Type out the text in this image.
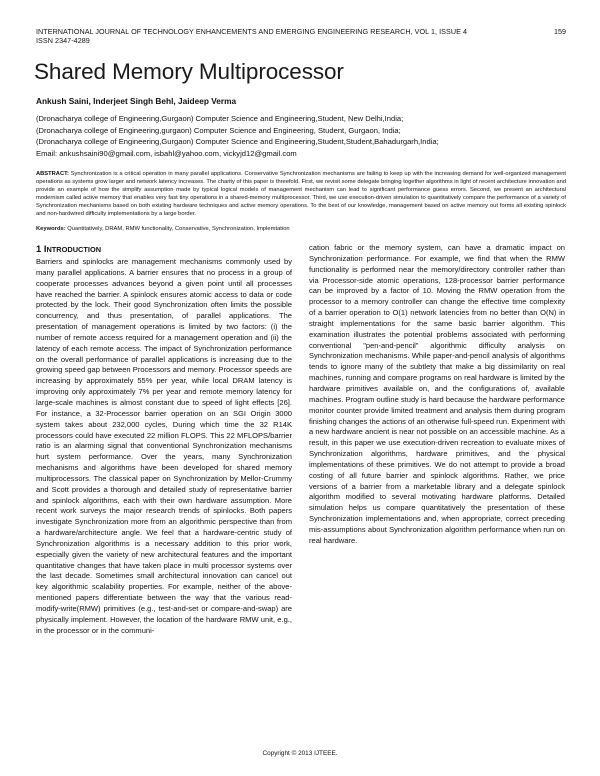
INTERNATIONAL JOURNAL OF TECHNOLOGY ENHANCEMENTS AND EMERGING ENGINEERING RESEARCH, VOL 1, ISSUE 4
ISSN 2347-4289
159
Shared Memory Multiprocessor
Ankush Saini, Inderjeet Singh Behl, Jaideep Verma
(Dronacharya college of Engineering,Gurgaon) Computer Science and Engineering,Student, New Delhi,India;
(Dronacharya college of Engineering,gurgaon) Computer Science and Engineering, Student, Gurgaon, India;
(Dronacharya college of Engineering,Gurgaon) Computer Science and Engineering,Student,Student,Bahadurgarh,India;
Email: ankushsaini90@gmail.com, isbahl@yahoo.com, vickyjd12@gmail.com
ABSTRACT: Synchronization is a critical operation in many parallel applications. Conservative Synchronization mechanisms are failing to keep up with the increasing demand for well-organized management operations as systems grow larger and network latency increases. The charity of this paper is threefold. First, we revisit some delegate bringing together algorithms in light of recent architecture innovation and provide an example of how the simplify assumption made by typical logical models of management mechanism can lead to significant performance guess errors. Second, we present an architectural modernism called active memory that enables very fast tiny operations in a shared-memory multiprocessor. Third, we use execution-driven simulation to quantitatively compare the performance of a variety of Synchronization mechanisms based on both existing hardware techniques and active memory operations. To the best of our knowledge, management based on active memory out forms all existing spinlock and non-hardwired difficulty implementations by a large border.
Keywords: Quantitatively, DRAM, RMW functionality, Conservative, Synchronization, Implemtation
1 INTRODUCTION
Barriers and spinlocks are management mechanisms commonly used by many parallel applications. A barrier ensures that no process in a group of cooperate processes advances beyond a given point until all processes have reached the barrier. A spinlock ensures atomic access to data or code protected by the lock. Their good Synchronization often limits the possible concurrency, and thus presentation, of parallel applications. The presentation of management operations is limited by two factors: (i) the number of remote access required for a management operation and (ii) the latency of each remote access. The impact of Synchronization performance on the overall performance of parallel applications is increasing due to the growing speed gap between Processors and memory. Processor speeds are increasing by approximately 55% per year, while local DRAM latency is improving only approximately 7% per year and remote memory latency for large-scale machines is almost constant due to speed of light effects [26]. For instance, a 32-Processor barrier operation on an SGI Origin 3000 system takes about 232,000 cycles, During which time the 32 R14K processors could have executed 22 million FLOPS. This 22 MFLOPS/barrier ratio is an alarming signal that conventional Synchronization mechanisms hurt system performance. Over the years, many Synchronization mechanisms and algorithms have been developed for shared memory multiprocessors. The classical paper on Synchronization by Mellor-Crummy and Scott provides a thorough and detailed study of representative barrier and spinlock algorithms, each with their own hardware assumption. More recent work surveys the major research trends of spinlocks. Both papers investigate Synchronization more from an algorithmic perspective than from a hardware/architecture angle. We feel that a hardware-centric study of Synchronization algorithms is a necessary addition to this prior work, especially given the variety of new architectural features and the important quantitative changes that have taken place in multi processor systems over the last decade. Sometimes small architectural innovation can cancel out key algorithmic scalability properties. For example, neither of the above-mentioned papers differentiate between the way that the various read-modify-write(RMW) primitives (e.g., test-and-set or compare-and-swap) are physically implement. However, the location of the hardware RMW unit, e.g., in the processor or in the communi-
cation fabric or the memory system, can have a dramatic impact on Synchronization performance. For example, we find that when the RMW functionality is performed near the memory/directory controller rather than via Processor-side atomic operations, 128-processor barrier performance can be improved by a factor of 10. Moving the RMW operation from the processor to a memory controller can change the effective time complexity of a barrier operation to O(1) network latencies from no better than O(N) in straight implementations for the same basic barrier algorithm. This examination illustrates the potential problems associated with performing conventional "pen-and-pencil" algorithmic difficulty analysis on Synchronization mechanisms. While paper-and-pencil analysis of algorithms tends to ignore many of the subtlety that make a big dissimilarity on real machines, running and compare programs on real hardware is limited by the hardware primitives available on, and the configurations of, available machines. Program outline study is hard because the hardware performance monitor counter provide limited treatment and analysis them during program finishing changes the actions of an otherwise full-speed run. Experiment with a new hardware ancient is near not possible on an accessible machine. As a result, in this paper we use execution-driven recreation to evaluate mixes of Synchronization algorithms, hardware primitives, and the physical implementations of these primitives. We do not attempt to provide a broad costing of all future barrier and spinlock algorithms. Rather, we price versions of a barrier from a marketable library and a delegate spinlock algorithm modified to several motivating hardware platforms. Detailed simulation helps us compare quantitatively the presentation of these Synchronization implementations and, when appropriate, correct preceding mis-assumptions about Synchronization algorithm performance when run on real hardware.
Copyright © 2013 IJTEEE.
